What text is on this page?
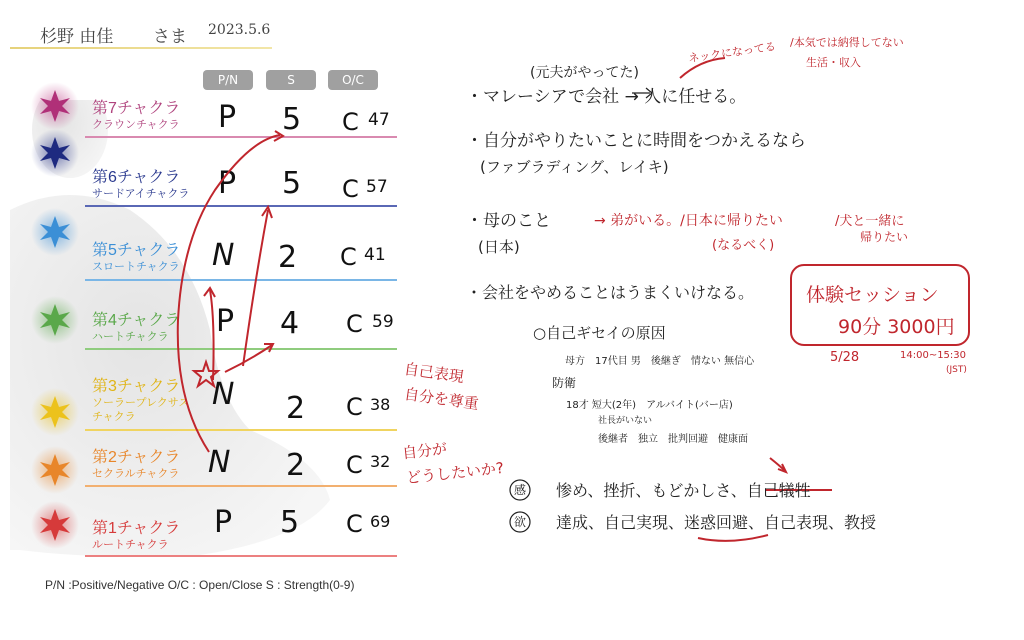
杉野 由佳 さま 2023.5.6
P/N	S	O/C
第7チャクラ
クラウンチャクラ P 5 C 47
第6チャクラ
サードアイチャクラ P 5 C 57
第5チャクラ
スロートチャクラ N 2 C 41
第4チャクラ
ハートチャクラ P 4 C 59
第3チャクラ
ソーラープレクサス
チャクラ
N 2 C 38
第2チャクラ
セクラルチャクラ N 2 C 32
第1チャクラ
ルートチャクラ
P 5 C 69
P/N :Positive/Negative O/C : Open/Close S : Strength(0-9)
(元夫がやってた)
・マレーシアで会社 → 人に任せる。
ネックになってる /本気では納得してない
生活・収入
・自分がやりたいことに時間をつかえるなら
(ファブラディング、レイキ)
・母のこと
(日本)
→ 弟がいる。/日本に帰りたい
(なるべく)
/犬と一緒に
帰りたい
・会社をやめることはうまくいけなる。	体験セッション
90分 3000円
5/28	14:00~15:30
(JST)
○自己ギセイの原因
母方　17代目 男　後継ぎ　情ない 無信心
防衛
18才 短大(2年)　アルバイト(バー店)
社長がいない
後継者　独立　批判回避　健康面
自己表現
自分を尊重
自分が
どうしたいか?
感 惨め、挫折、もどかしさ、自己犠牲
欲 達成、自己実現、迷惑回避、自己表現、教授
